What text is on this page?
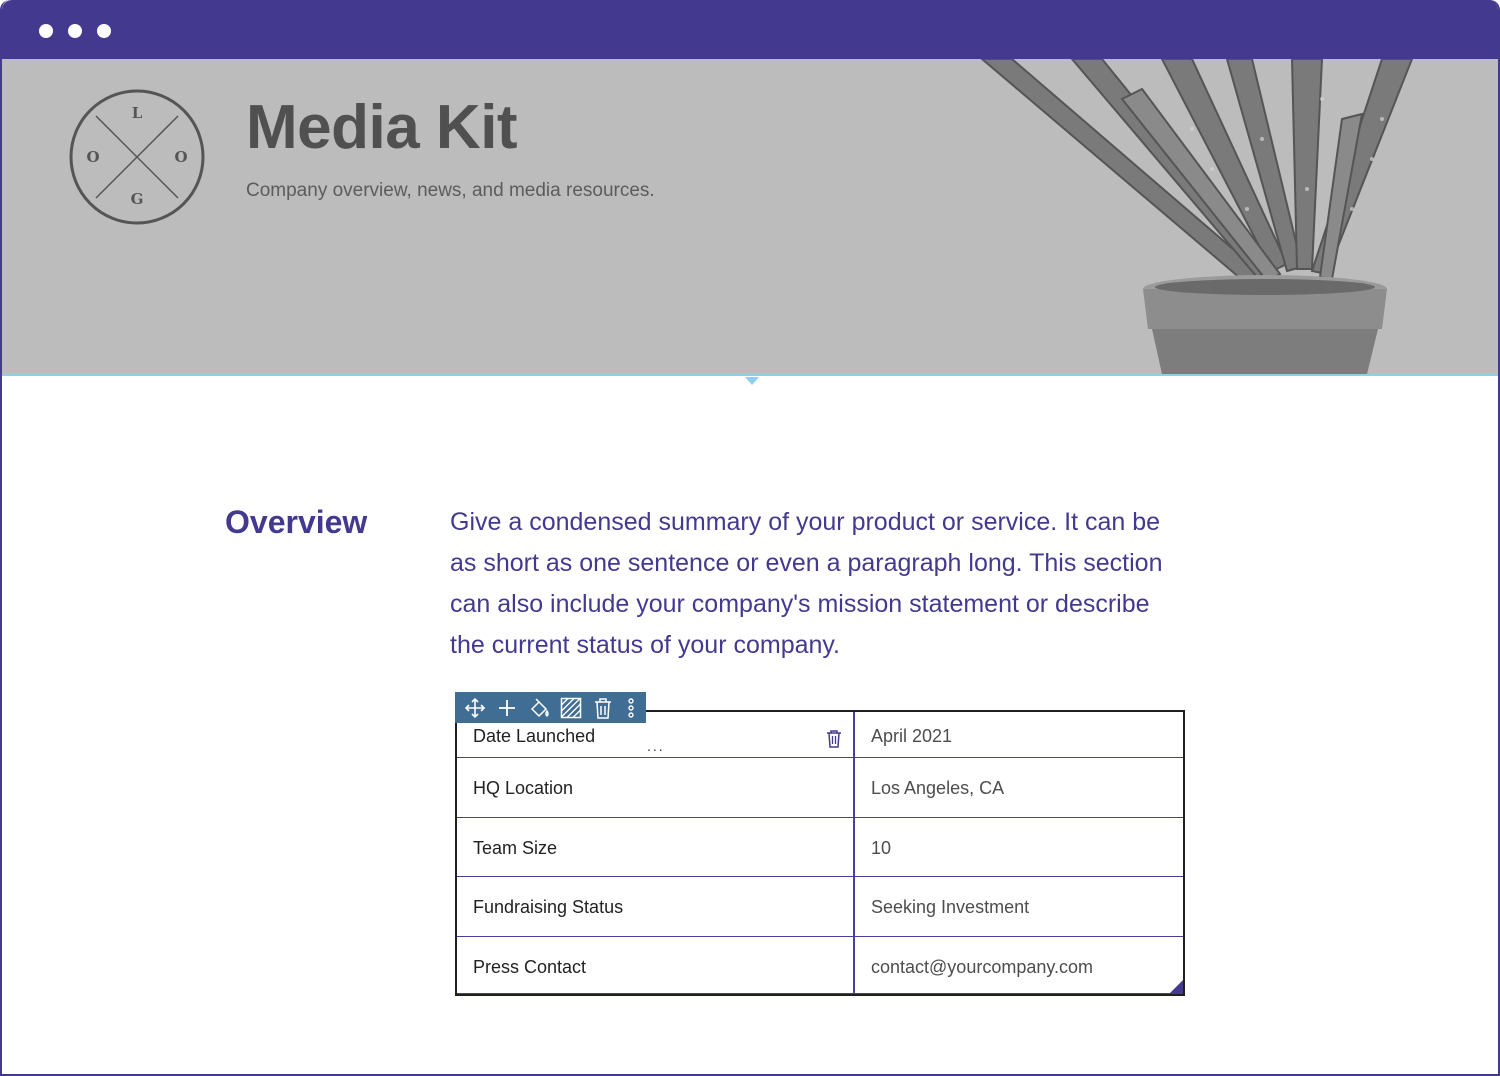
L
O	O
G
Media Kit
Company overview, news, and media resources.
Overview	Give a condensed summary of your product or service. It can be as short as one sentence or even a paragraph long. This section can also include your company's mission statement or describe the current status of your company.
Date Launched	...	April 2021
HQ Location	Los Angeles, CA
Team Size	10
Fundraising Status	Seeking Investment
Press Contact	contact@yourcompany.com
